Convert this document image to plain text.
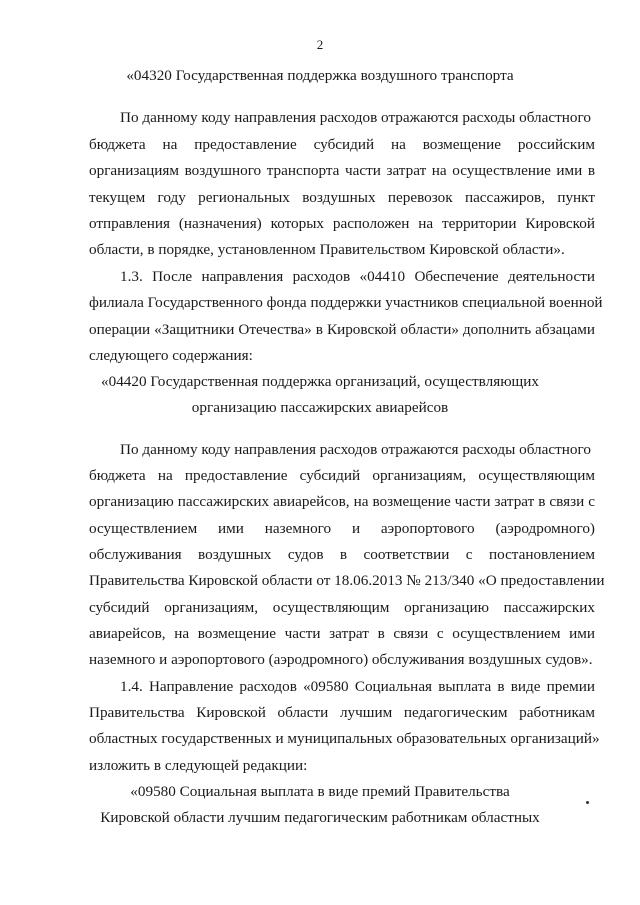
2
«04320 Государственная поддержка воздушного транспорта
По данному коду направления расходов отражаются расходы областного
бюджета на предоставление субсидий на возмещение российским
организациям воздушного транспорта части затрат на осуществление ими в
текущем году региональных воздушных перевозок пассажиров, пункт
отправления (назначения) которых расположен на территории Кировской
области, в порядке, установленном Правительством Кировской области».
1.3. После направления расходов «04410 Обеспечение деятельности
филиала Государственного фонда поддержки участников специальной военной
операции «Защитники Отечества» в Кировской области» дополнить абзацами
следующего содержания:
«04420 Государственная поддержка организаций, осуществляющих
организацию пассажирских авиарейсов
По данному коду направления расходов отражаются расходы областного
бюджета на предоставление субсидий организациям, осуществляющим
организацию пассажирских авиарейсов, на возмещение части затрат в связи с
осуществлением ими наземного и аэропортового (аэродромного)
обслуживания воздушных судов в соответствии с постановлением
Правительства Кировской области от 18.06.2013 № 213/340 «О предоставлении
субсидий организациям, осуществляющим организацию пассажирских
авиарейсов, на возмещение части затрат в связи с осуществлением ими
наземного и аэропортового (аэродромного) обслуживания воздушных судов».
1.4. Направление расходов «09580 Социальная выплата в виде премии
Правительства Кировской области лучшим педагогическим работникам
областных государственных и муниципальных образовательных организаций»
изложить в следующей редакции:
«09580 Социальная выплата в виде премий Правительства
Кировской области лучшим педагогическим работникам областных
